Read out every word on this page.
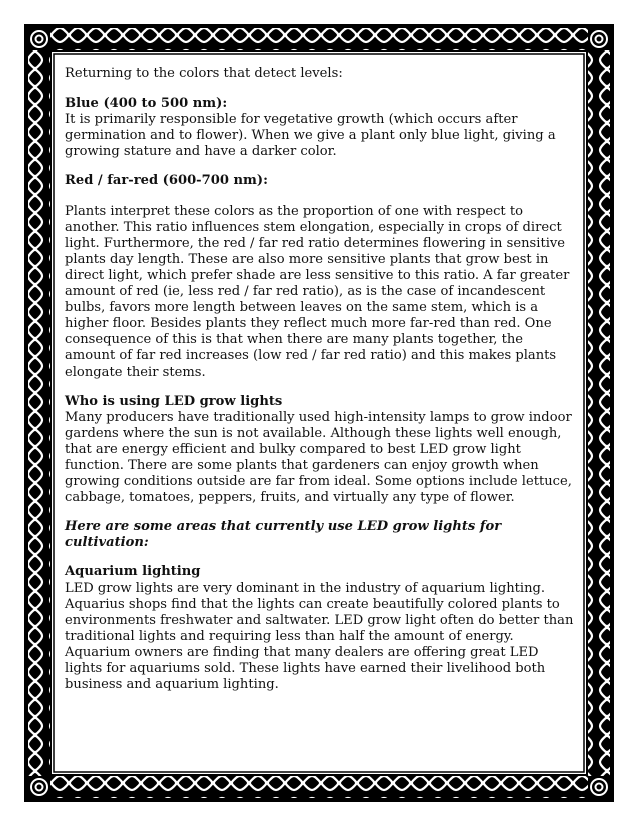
Returning to the colors that detect levels:

Blue (400 to 500 nm):

It is primarily responsible for vegetative growth (which occurs after germination and to flower). When we give a plant only blue light, giving a growing stature and have a darker color.

Red / far-red (600-700 nm):

Plants interpret these colors as the proportion of one with respect to another. This ratio influences stem elongation, especially in crops of direct light. Furthermore, the red / far red ratio determines flowering in sensitive plants day length. These are also more sensitive plants that grow best in direct light, which prefer shade are less sensitive to this ratio. A far greater amount of red (ie, less red / far red ratio), as is the case of incandescent bulbs, favors more length between leaves on the same stem, which is a higher floor. Besides plants they reflect much more far-red than red. One consequence of this is that when there are many plants together, the amount of far red increases (low red / far red ratio) and this makes plants elongate their stems.

Who is using LED grow lights

Many producers have traditionally used high-intensity lamps to grow indoor gardens where the sun is not available. Although these lights well enough, that are energy efficient and bulky compared to best LED grow light function. There are some plants that gardeners can enjoy growth when growing conditions outside are far from ideal. Some options include lettuce, cabbage, tomatoes, peppers, fruits, and virtually any type of flower.

Here are some areas that currently use LED grow lights for cultivation:

Aquarium lighting

LED grow lights are very dominant in the industry of aquarium lighting. Aquarius shops find that the lights can create beautifully colored plants to environments freshwater and saltwater. LED grow light often do better than traditional lights and requiring less than half the amount of energy. Aquarium owners are finding that many dealers are offering great LED lights for aquariums sold. These lights have earned their livelihood both business and aquarium lighting.
